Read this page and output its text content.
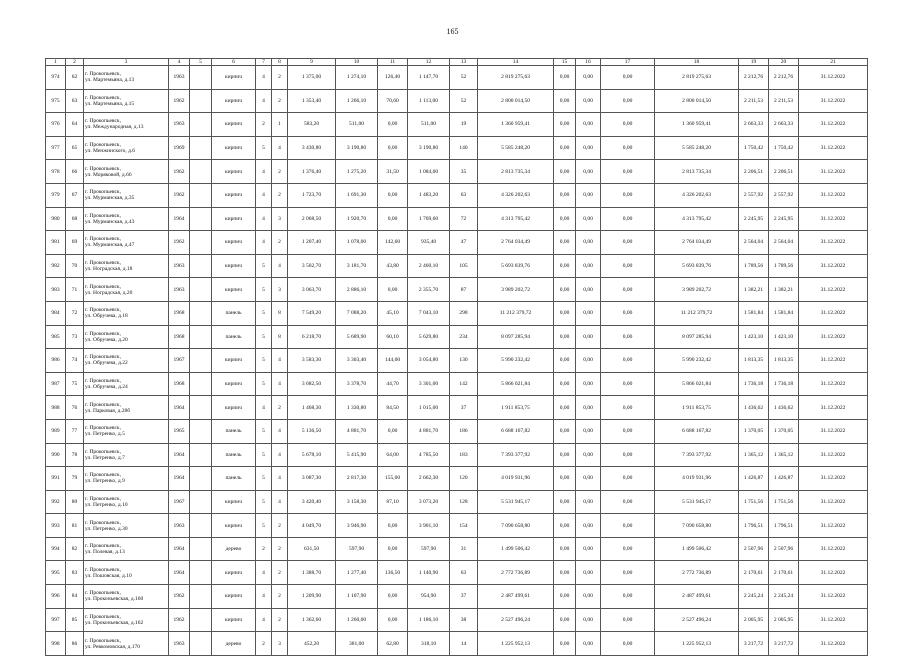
165
1	2	3	4	5	6	7	8	9	10	11	12	13	14	15	16	17	18	19	20	21
974	62	г. Прокопьевск,
ул. Мартемьяна, д.13	1963		кирпич	4	2	1 375,00	1 274,10	126,40	1 147,70	52	2 819 275,63	0,00	0,00	0,00	2 819 275,63	2 212,76	2 212,76	31.12.2022
975	63	г. Прокопьевск,
ул. Мартемьяна, д.15	1962		кирпич	4	2	1 353,40	1 266,10	70,60	1 113,00	52	2 800 014,50	0,00	0,00	0,00	2 800 014,50	2 211,53	2 211,53	31.12.2022
976	64	г. Прокопьевск,
ул. Международная, д.13	1963		кирпич	2	1	583,20	511,00	0,00	511,00	19	1 360 959,41	0,00	0,00	0,00	1 360 959,41	2 663,33	2 663,33	31.12.2022
977	65	г. Прокопьевск,
ул. Менжинского, д.6	1969		кирпич	5	4	3 430,80	3 190,80	0,00	3 190,80	140	5 585 248,20	0,00	0,00	0,00	5 585 248,20	1 750,42	1 750,42	31.12.2022
978	66	г. Прокопьевск,
ул. Моряковой, д.66	1962		кирпич	4	2	1 376,40	1 275,20	31,50	1 084,00	35	2 813 735,34	0,00	0,00	0,00	2 813 735,34	2 206,51	2 206,51	31.12.2022
979	67	г. Прокопьевск,
ул. Мурманская, д.35	1962		кирпич	4	2	1 723,70	1 691,30	0,00	1 483,20	63	4 326 202,63	0,00	0,00	0,00	4 326 202,63	2 557,92	2 557,92	31.12.2022
980	68	г. Прокопьевск,
ул. Мурманская, д.43	1964		кирпич	4	3	2 068,50	1 920,70	0,00	1 769,60	72	4 313 795,42	0,00	0,00	0,00	4 313 795,42	2 245,95	2 245,95	31.12.2022
981	69	г. Прокопьевск,
ул. Мурманская, д.47	1962		кирпич	4	2	1 207,40	1 078,00	142,60	935,40	47	2 764 034,49	0,00	0,00	0,00	2 764 034,49	2 564,04	2 564,04	31.12.2022
982	70	г. Прокопьевск,
ул. Ноградская, д.18	1963		кирпич	5	4	3 502,70	3 181,70	43,80	2 460,10	105	5 693 839,76	0,00	0,00	0,00	5 693 839,76	1 789,56	1 789,56	31.12.2022
983	71	г. Прокопьевск,
ул. Ноградская, д.20	1963		кирпич	5	3	3 063,70	2 886,10	0,00	2 355,70	87	3 989 202,72	0,00	0,00	0,00	3 989 202,72	1 382,21	1 382,21	31.12.2022
984	72	г. Прокопьевск,
ул. Обручева, д.18	1968		панель	5	8	7 549,20	7 088,20	45,10	7 043,10	298	11 212 379,72	0,00	0,00	0,00	11 212 379,72	1 581,84	1 581,84	31.12.2022
985	73	г. Прокопьевск,
ул. Обручева, д.20	1968		панель	5	8	6 218,70	5 689,90	60,10	5 629,80	234	8 097 285,94	0,00	0,00	0,00	8 097 285,94	1 423,10	1 423,10	31.12.2022
986	74	г. Прокопьевск,
ул. Обручева, д.22	1967		кирпич	5	4	3 583,30	3 303,40	144,00	3 054,80	130	5 990 232,42	0,00	0,00	0,00	5 990 232,42	1 813,35	1 813,35	31.12.2022
987	75	г. Прокопьевск,
ул. Обручева, д.24	1968		кирпич	5	4	3 682,50	3 378,70	44,70	3 301,00	142	5 866 021,84	0,00	0,00	0,00	5 866 021,84	1 736,18	1 736,18	31.12.2022
988	76	г. Прокопьевск,
ул. Парковая, д.28б	1964		кирпич	4	2	1 468,30	1 330,80	84,50	1 015,00	37	1 911 853,75	0,00	0,00	0,00	1 911 853,75	1 436,62	1 436,62	31.12.2022
989	77	г. Прокопьевск,
ул. Петренко, д.5	1965		панель	5	4	5 136,50	4 881,70	0,00	4 881,70	186	6 688 167,82	0,00	0,00	0,00	6 688 167,82	1 370,05	1 370,05	31.12.2022
990	78	г. Прокопьевск,
ул. Петренко, д.7	1964		панель	5	4	5 678,10	5 415,90	64,00	4 785,50	183	7 393 377,92	0,00	0,00	0,00	7 393 377,92	1 365,12	1 365,12	31.12.2022
991	79	г. Прокопьевск,
ул. Петренко, д.9	1964		панель	5	4	3 087,30	2 817,30	155,00	2 662,30	120	4 019 931,96	0,00	0,00	0,00	4 019 931,96	1 426,87	1 426,87	31.12.2022
992	80	г. Прокопьевск,
ул. Петренко, д.10	1967		кирпич	5	4	3 420,40	3 158,30	87,10	3 073,20	128	5 531 945,17	0,00	0,00	0,00	5 531 945,17	1 751,56	1 751,56	31.12.2022
993	81	г. Прокопьевск,
ул. Петренко, д.30	1963		кирпич	5	2	4 049,70	3 946,90	0,00	3 901,10	154	7 090 658,80	0,00	0,00	0,00	7 090 658,80	1 796,51	1 796,51	31.12.2022
994	82	г. Прокопьевск,
ул. Полевая, д.13	1964		дерево	2	2	631,50	597,90	0,00	597,90	31	1 499 506,42	0,00	0,00	0,00	1 499 506,42	2 507,96	2 507,96	31.12.2022
995	83	г. Прокопьевск,
ул. Пошовская, д.10	1964		кирпич	4	2	1 388,70	1 277,40	136,50	1 140,90	63	2 772 736,89	0,00	0,00	0,00	2 772 736,89	2 170,61	2 170,61	31.12.2022
996	84	г. Прокопьевск,
ул. Прокопьевская, д.160	1962		кирпич	4	2	1 209,90	1 107,90	0,00	954,90	37	2 487 499,61	0,00	0,00	0,00	2 487 499,61	2 245,24	2 245,24	31.12.2022
997	85	г. Прокопьевск,
ул. Прокопьевская, д.162	1962		кирпич	4	2	1 362,60	1 260,00	0,00	1 186,10	38	2 527 496,24	0,00	0,00	0,00	2 527 496,24	2 005,95	2 005,95	31.12.2022
998	86	г. Прокопьевск,
ул. Ревкомовская, д.170	1963		дерево	2	3	452,20	381,00	62,80	318,10	14	1 225 952,13	0,00	0,00	0,00	1 225 952,13	3 217,72	3 217,72	31.12.2022
